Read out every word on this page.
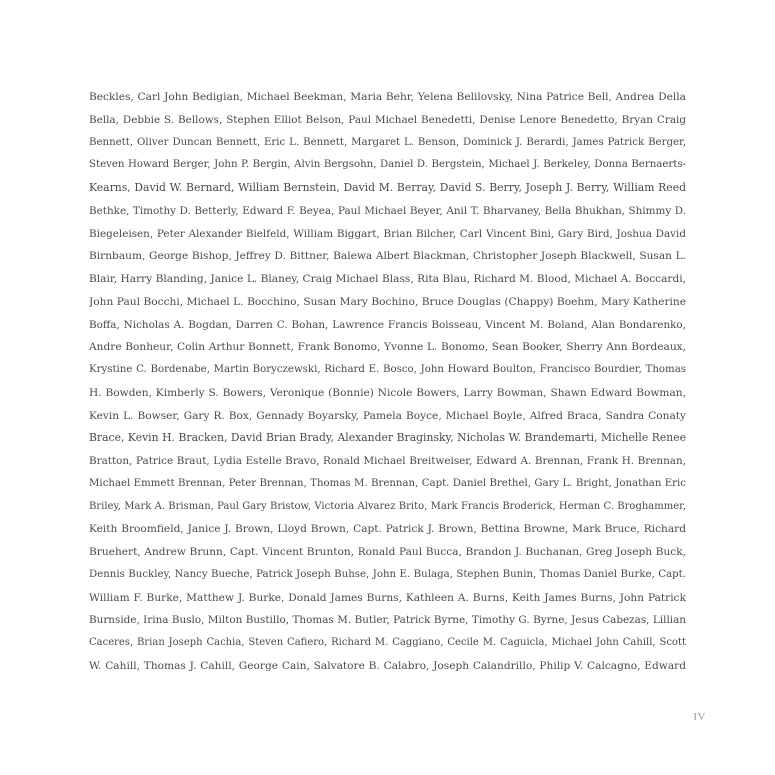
Beckles, Carl John Bedigian, Michael Beekman, Maria Behr, Yelena Belilovsky, Nina Patrice Bell, Andrea Della
Bella, Debbie S. Bellows, Stephen Elliot Belson, Paul Michael Benedetti, Denise Lenore Benedetto, Bryan Craig
Bennett, Oliver Duncan Bennett, Eric L. Bennett, Margaret L. Benson, Dominick J. Berardi, James Patrick Berger,
Steven Howard Berger, John P. Bergin, Alvin Bergsohn, Daniel D. Bergstein, Michael J. Berkeley, Donna Bernaerts-
Kearns, David W. Bernard, William Bernstein, David M. Berray, David S. Berry, Joseph J. Berry, William Reed
Bethke, Timothy D. Betterly, Edward F. Beyea, Paul Michael Beyer, Anil T. Bharvaney, Bella Bhukhan, Shimmy D.
Biegeleisen, Peter Alexander Bielfeld, William Biggart, Brian Bilcher, Carl Vincent Bini, Gary Bird, Joshua David
Birnbaum, George Bishop, Jeffrey D. Bittner, Balewa Albert Blackman, Christopher Joseph Blackwell, Susan L.
Blair, Harry Blanding, Janice L. Blaney, Craig Michael Blass, Rita Blau, Richard M. Blood, Michael A. Boccardi,
John Paul Bocchi, Michael L. Bocchino, Susan Mary Bochino, Bruce Douglas (Chappy) Boehm, Mary Katherine
Boffa, Nicholas A. Bogdan, Darren C. Bohan, Lawrence Francis Boisseau, Vincent M. Boland, Alan Bondarenko,
Andre Bonheur, Colin Arthur Bonnett, Frank Bonomo, Yvonne L. Bonomo, Sean Booker, Sherry Ann Bordeaux,
Krystine C. Bordenabe, Martin Boryczewski, Richard E. Bosco, John Howard Boulton, Francisco Bourdier, Thomas
H. Bowden, Kimberly S. Bowers, Veronique (Bonnie) Nicole Bowers, Larry Bowman, Shawn Edward Bowman,
Kevin L. Bowser, Gary R. Box, Gennady Boyarsky, Pamela Boyce, Michael Boyle, Alfred Braca, Sandra Conaty
Brace, Kevin H. Bracken, David Brian Brady, Alexander Braginsky, Nicholas W. Brandemarti, Michelle Renee
Bratton, Patrice Braut, Lydia Estelle Bravo, Ronald Michael Breitweiser, Edward A. Brennan, Frank H. Brennan,
Michael Emmett Brennan, Peter Brennan, Thomas M. Brennan, Capt. Daniel Brethel, Gary L. Bright, Jonathan Eric
Briley, Mark A. Brisman, Paul Gary Bristow, Victoria Alvarez Brito, Mark Francis Broderick, Herman C. Broghammer,
Keith Broomfield, Janice J. Brown, Lloyd Brown, Capt. Patrick J. Brown, Bettina Browne, Mark Bruce, Richard
Bruehert, Andrew Brunn, Capt. Vincent Brunton, Ronald Paul Bucca, Brandon J. Buchanan, Greg Joseph Buck,
Dennis Buckley, Nancy Bueche, Patrick Joseph Buhse, John E. Bulaga, Stephen Bunin, Thomas Daniel Burke, Capt.
William F. Burke, Matthew J. Burke, Donald James Burns, Kathleen A. Burns, Keith James Burns, John Patrick
Burnside, Irina Buslo, Milton Bustillo, Thomas M. Butler, Patrick Byrne, Timothy G. Byrne, Jesus Cabezas, Lillian
Caceres, Brian Joseph Cachia, Steven Cafiero, Richard M. Caggiano, Cecile M. Caguicla, Michael John Cahill, Scott
W. Cahill, Thomas J. Cahill, George Cain, Salvatore B. Calabro, Joseph Calandrillo, Philip V. Calcagno, Edward
IV
